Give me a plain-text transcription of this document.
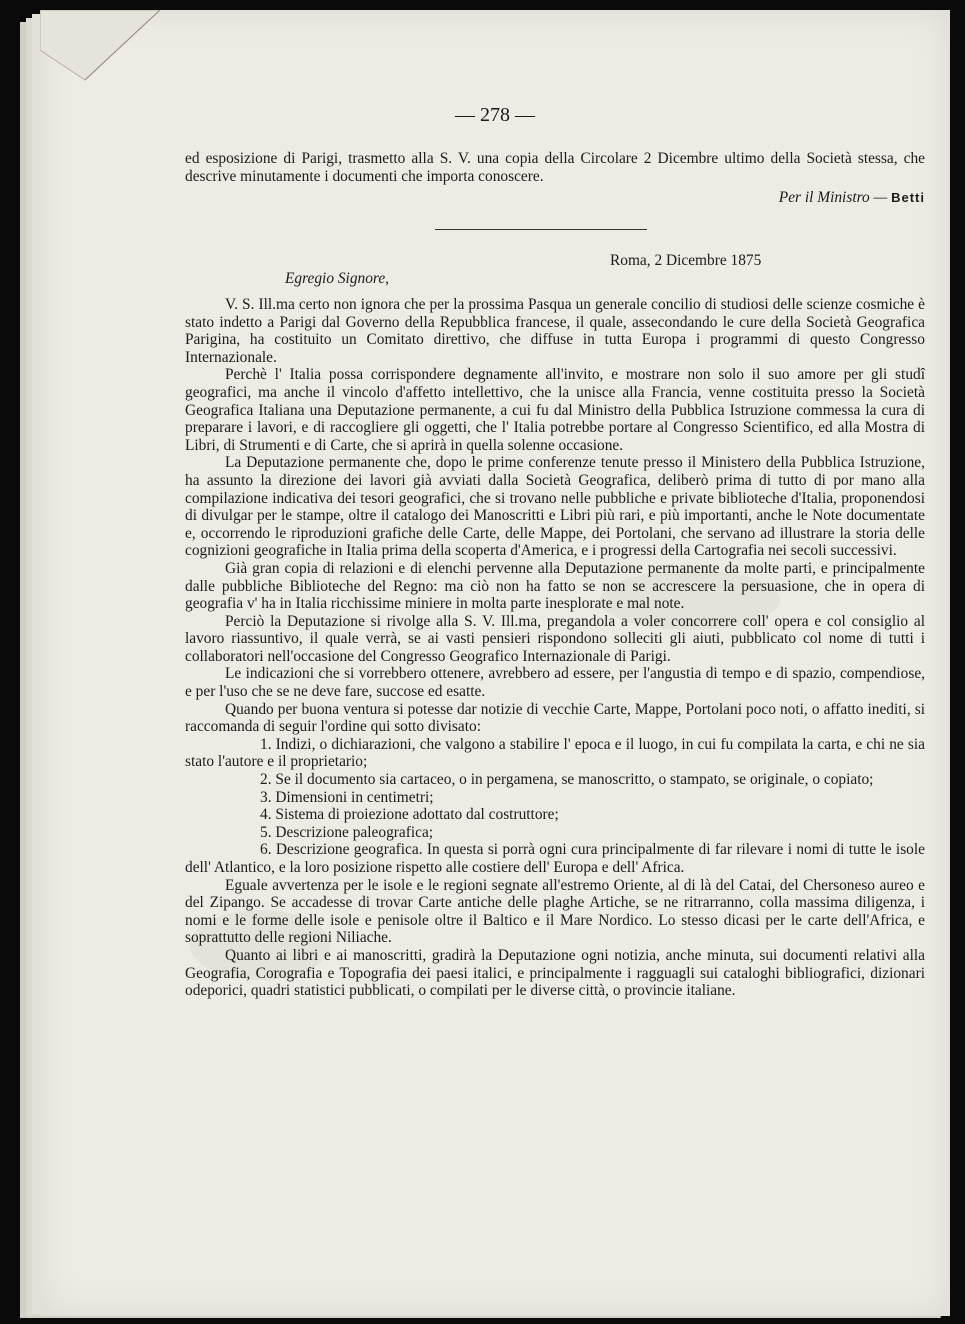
— 278 —

ed esposizione di Parigi, trasmetto alla S. V. una copia della Circolare 2 Dicembre ultimo della Società stessa, che descrive minutamente i documenti che importa conoscere.

Per il Ministro — Betti

Roma, 2 Dicembre 1875
Egregio Signore,

V. S. Ill.ma certo non ignora che per la prossima Pasqua un generale concilio di studiosi delle scienze cosmiche è stato indetto a Parigi dal Governo della Repubblica francese, il quale, assecondando le cure della Società Geografica Parigina, ha costituito un Comitato direttivo, che diffuse in tutta Europa i programmi di questo Congresso Internazionale.

Perchè l' Italia possa corrispondere degnamente all'invito, e mostrare non solo il suo amore per gli studî geografici, ma anche il vincolo d'affetto intellettivo, che la unisce alla Francia, venne costituita presso la Società Geografica Italiana una Deputazione permanente, a cui fu dal Ministro della Pubblica Istruzione commessa la cura di preparare i lavori, e di raccogliere gli oggetti, che l' Italia potrebbe portare al Congresso Scientifico, ed alla Mostra di Libri, di Strumenti e di Carte, che si aprirà in quella solenne occasione.

La Deputazione permanente che, dopo le prime conferenze tenute presso il Ministero della Pubblica Istruzione, ha assunto la direzione dei lavori già avviati dalla Società Geografica, deliberò prima di tutto di por mano alla compilazione indicativa dei tesori geografici, che si trovano nelle pubbliche e private biblioteche d'Italia, proponendosi di divulgar per le stampe, oltre il catalogo dei Manoscritti e Libri più rari, e più importanti, anche le Note documentate e, occorrendo le riproduzioni grafiche delle Carte, delle Mappe, dei Portolani, che servano ad illustrare la storia delle cognizioni geografiche in Italia prima della scoperta d'America, e i progressi della Cartografia nei secoli successivi.

Già gran copia di relazioni e di elenchi pervenne alla Deputazione permanente da molte parti, e principalmente dalle pubbliche Biblioteche del Regno: ma ciò non ha fatto se non se accrescere la persuasione, che in opera di geografia v' ha in Italia ricchissime miniere in molta parte inesplorate e mal note.

Perciò la Deputazione si rivolge alla S. V. Ill.ma, pregandola a voler concorrere coll' opera e col consiglio al lavoro riassuntivo, il quale verrà, se ai vasti pensieri rispondono solleciti gli aiuti, pubblicato col nome di tutti i collaboratori nell'occasione del Congresso Geografico Internazionale di Parigi.

Le indicazioni che si vorrebbero ottenere, avrebbero ad essere, per l'angustia di tempo e di spazio, compendiose, e per l'uso che se ne deve fare, succose ed esatte.

Quando per buona ventura si potesse dar notizie di vecchie Carte, Mappe, Portolani poco noti, o affatto inediti, si raccomanda di seguir l'ordine qui sotto divisato:

1. Indizi, o dichiarazioni, che valgono a stabilire l' epoca e il luogo, in cui fu compilata la carta, e chi ne sia stato l'autore e il proprietario;

2. Se il documento sia cartaceo, o in pergamena, se manoscritto, o stampato, se originale, o copiato;

3. Dimensioni in centimetri;

4. Sistema di proiezione adottato dal costruttore;

5. Descrizione paleografica;

6. Descrizione geografica. In questa si porrà ogni cura principalmente di far rilevare i nomi di tutte le isole dell' Atlantico, e la loro posizione rispetto alle costiere dell' Europa e dell' Africa.

Eguale avvertenza per le isole e le regioni segnate all'estremo Oriente, al di là del Catai, del Chersoneso aureo e del Zipango. Se accadesse di trovar Carte antiche delle plaghe Artiche, se ne ritrarranno, colla massima diligenza, i nomi e le forme delle isole e penisole oltre il Baltico e il Mare Nordico. Lo stesso dicasi per le carte dell'Africa, e soprattutto delle regioni Niliache.

Quanto ai libri e ai manoscritti, gradirà la Deputazione ogni notizia, anche minuta, sui documenti relativi alla Geografia, Corografia e Topografia dei paesi italici, e principalmente i ragguagli sui cataloghi bibliografici, dizionari odeporici, quadri statistici pubblicati, o compilati per le diverse città, o provincie italiane.
